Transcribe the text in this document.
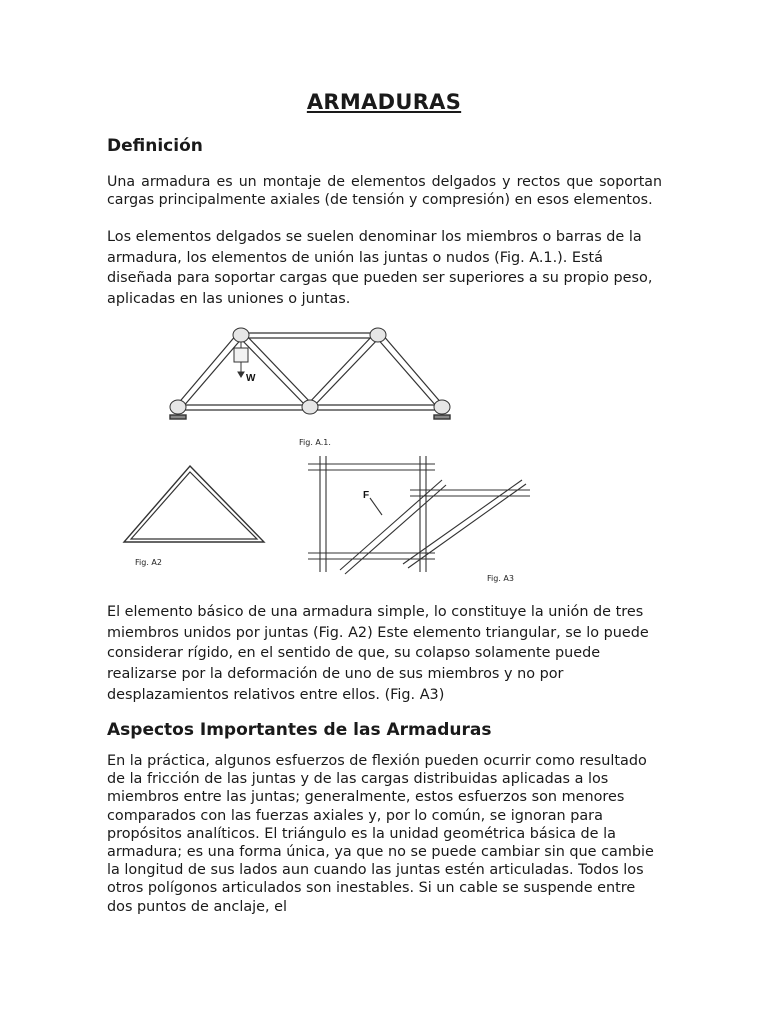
ARMADURAS
Definición

Una armadura es un montaje de elementos delgados y rectos que soportan cargas principalmente axiales (de tensión y compresión) en esos elementos.

Los elementos delgados se suelen denominar los miembros o barras de la armadura, los elementos de unión las juntas o nudos (Fig. A.1.). Está diseñada para soportar cargas que pueden ser superiores a su propio peso, aplicadas en las uniones o juntas.

W
Fig. A.1.
Fig. A2
F
Fig. A3

El elemento básico de una armadura simple, lo constituye la unión de tres miembros unidos por juntas (Fig. A2) Este elemento triangular, se lo puede considerar rígido, en el sentido de que, su colapso solamente puede realizarse por la deformación de uno de sus miembros y no por desplazamientos relativos entre ellos. (Fig. A3)

Aspectos Importantes de las Armaduras

En la práctica, algunos esfuerzos de flexión pueden ocurrir como resultado de la fricción de las juntas y de las cargas distribuidas aplicadas a los miembros entre las juntas; generalmente, estos esfuerzos son menores comparados con las fuerzas axiales y, por lo común, se ignoran para propósitos analíticos. El triángulo es la unidad geométrica básica de la armadura; es una forma única, ya que no se puede cambiar sin que cambie la longitud de sus lados aun cuando las juntas estén articuladas. Todos los otros polígonos articulados son inestables. Si un cable se suspende entre dos puntos de anclaje, el
